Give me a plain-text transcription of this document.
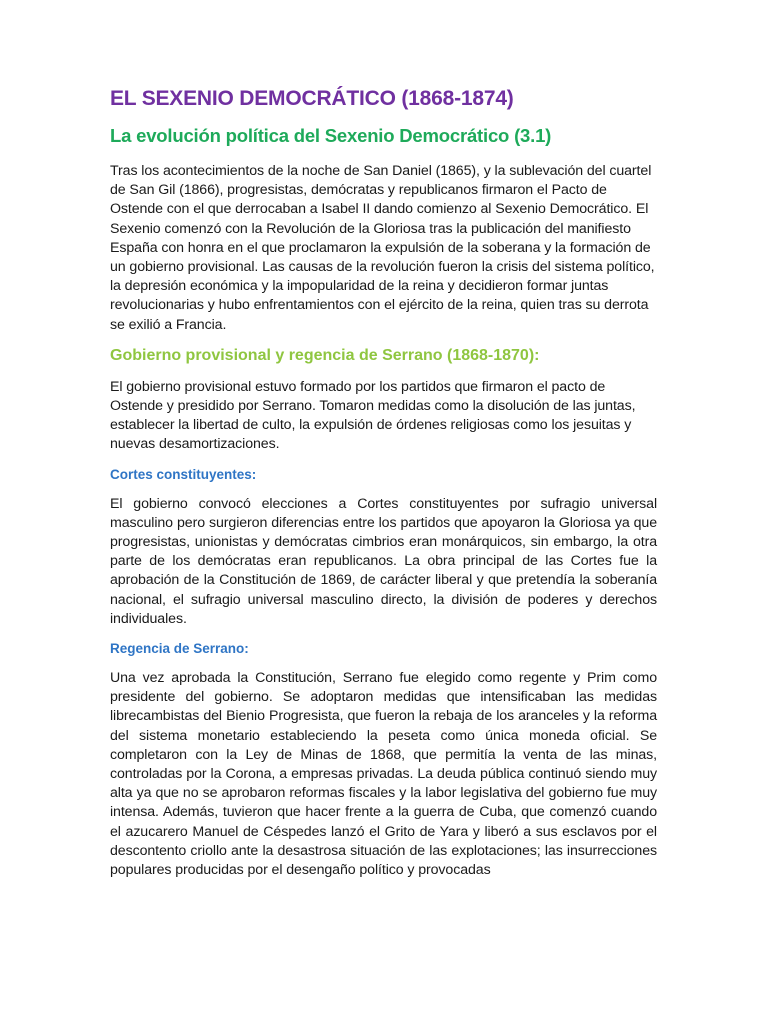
EL SEXENIO DEMOCRÁTICO (1868-1874)
La evolución política del Sexenio Democrático (3.1)

Tras los acontecimientos de la noche de San Daniel (1865), y la sublevación del cuartel de San Gil (1866), progresistas, demócratas y republicanos firmaron el Pacto de Ostende con el que derrocaban a Isabel II dando comienzo al Sexenio Democrático. El Sexenio comenzó con la Revolución de la Gloriosa tras la publicación del manifiesto España con honra en el que proclamaron la expulsión de la soberana y la formación de un gobierno provisional. Las causas de la revolución fueron la crisis del sistema político, la depresión económica y la impopularidad de la reina y decidieron formar juntas revolucionarias y hubo enfrentamientos con el ejército de la reina, quien tras su derrota se exilió a Francia.

Gobierno provisional y regencia de Serrano (1868-1870):

El gobierno provisional estuvo formado por los partidos que firmaron el pacto de Ostende y presidido por Serrano. Tomaron medidas como la disolución de las juntas, establecer la libertad de culto, la expulsión de órdenes religiosas como los jesuitas y nuevas desamortizaciones.

Cortes constituyentes:

El gobierno convocó elecciones a Cortes constituyentes por sufragio universal masculino pero surgieron diferencias entre los partidos que apoyaron la Gloriosa ya que progresistas, unionistas y demócratas cimbrios eran monárquicos, sin embargo, la otra parte de los demócratas eran republicanos. La obra principal de las Cortes fue la aprobación de la Constitución de 1869, de carácter liberal y que pretendía la soberanía nacional, el sufragio universal masculino directo, la división de poderes y derechos individuales.

Regencia de Serrano:

Una vez aprobada la Constitución, Serrano fue elegido como regente y Prim como presidente del gobierno. Se adoptaron medidas que intensificaban las medidas librecambistas del Bienio Progresista, que fueron la rebaja de los aranceles y la reforma del sistema monetario estableciendo la peseta como única moneda oficial. Se completaron con la Ley de Minas de 1868, que permitía la venta de las minas, controladas por la Corona, a empresas privadas. La deuda pública continuó siendo muy alta ya que no se aprobaron reformas fiscales y la labor legislativa del gobierno fue muy intensa. Además, tuvieron que hacer frente a la guerra de Cuba, que comenzó cuando el azucarero Manuel de Céspedes lanzó el Grito de Yara y liberó a sus esclavos por el descontento criollo ante la desastrosa situación de las explotaciones; las insurrecciones populares producidas por el desengaño político y provocadas
